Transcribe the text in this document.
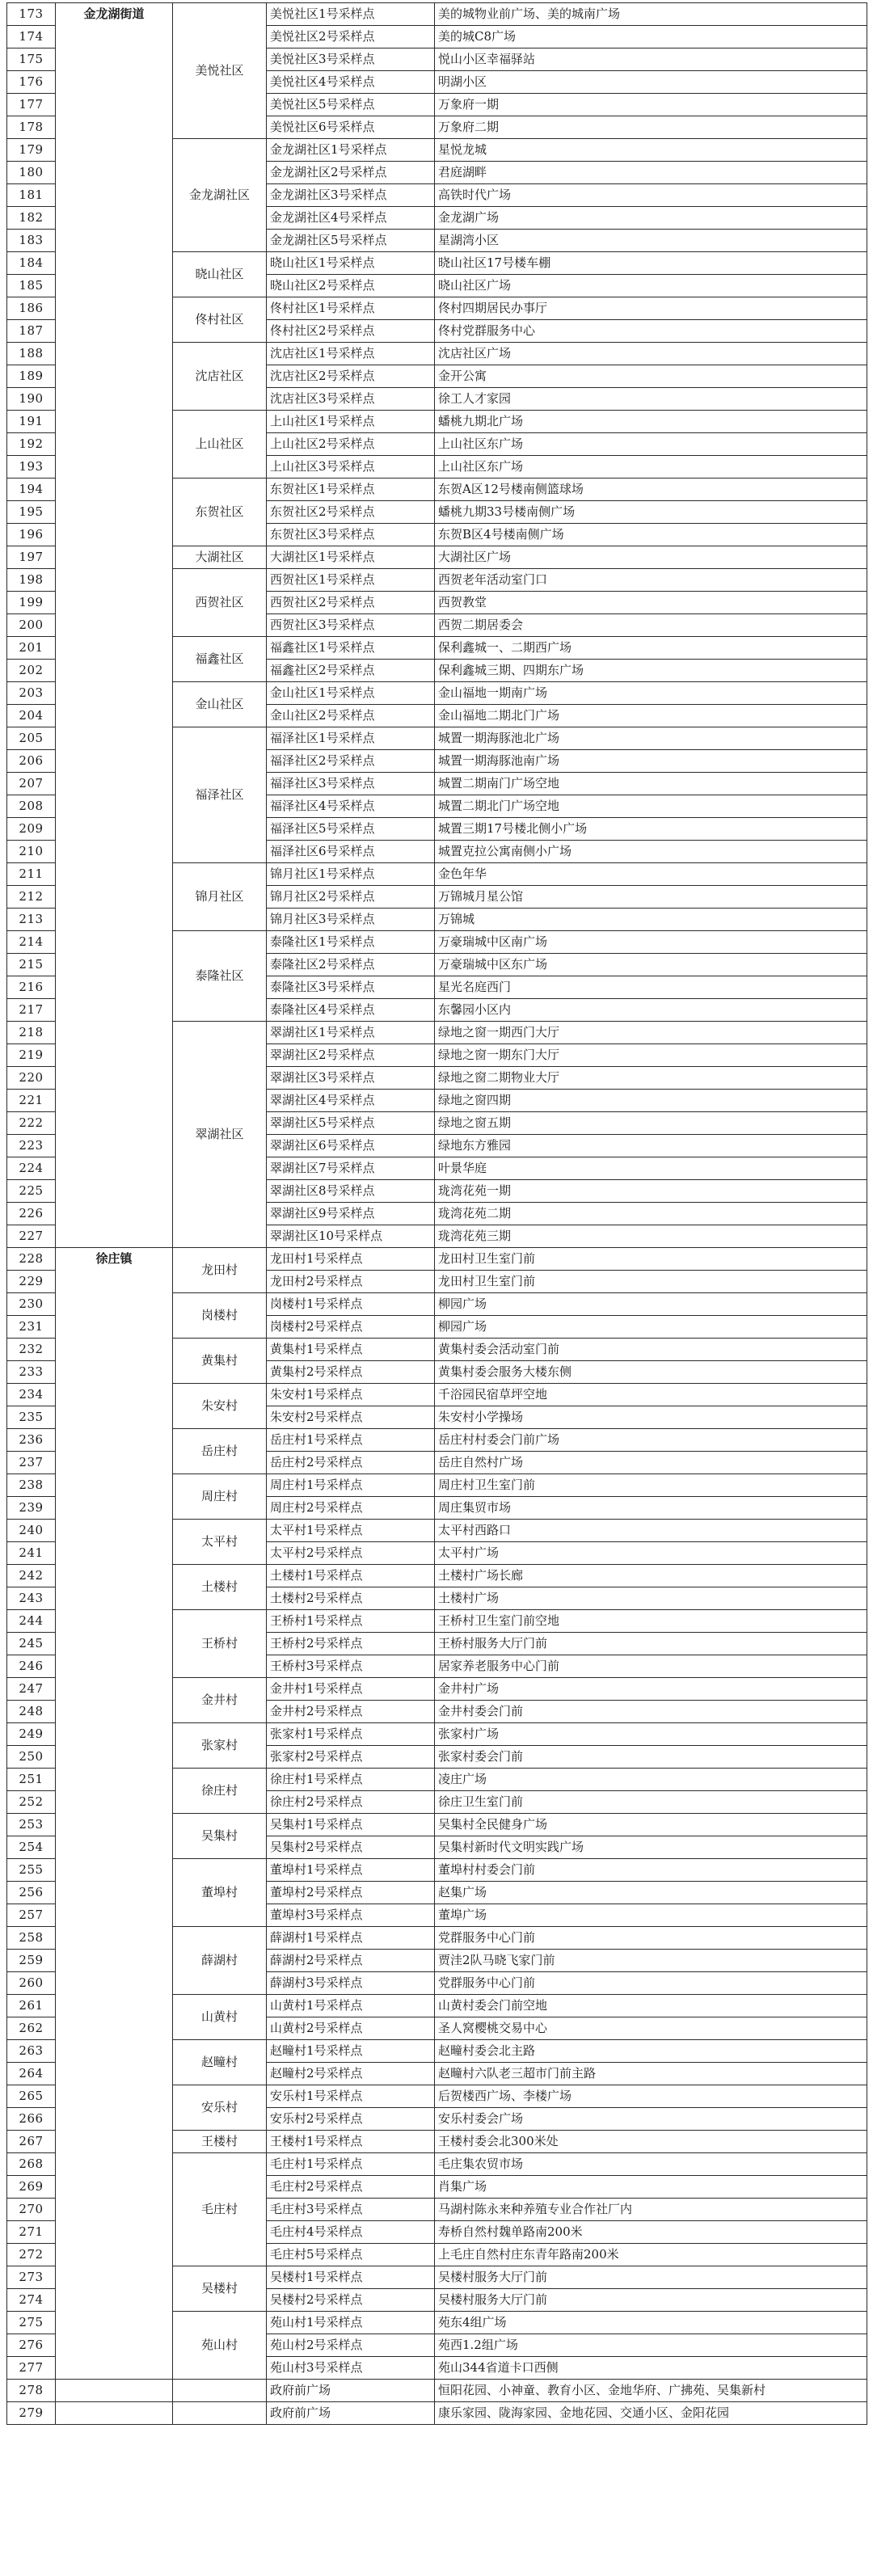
173	金龙湖街道	美悦社区	美悦社区1号采样点	美的城物业前广场、美的城南广场
174			美悦社区2号采样点	美的城C8广场
175			美悦社区3号采样点	悦山小区幸福驿站
176			美悦社区4号采样点	明湖小区
177			美悦社区5号采样点	万象府一期
178			美悦社区6号采样点	万象府二期
179		金龙湖社区	金龙湖社区1号采样点	星悦龙城
180			金龙湖社区2号采样点	君庭湖畔
181			金龙湖社区3号采样点	高铁时代广场
182			金龙湖社区4号采样点	金龙湖广场
183			金龙湖社区5号采样点	星湖湾小区
184		晓山社区	晓山社区1号采样点	晓山社区17号楼车棚
185			晓山社区2号采样点	晓山社区广场
186		佟村社区	佟村社区1号采样点	佟村四期居民办事厅
187			佟村社区2号采样点	佟村党群服务中心
188		沈店社区	沈店社区1号采样点	沈店社区广场
189			沈店社区2号采样点	金开公寓
190			沈店社区3号采样点	徐工人才家园
191		上山社区	上山社区1号采样点	蟠桃九期北广场
192			上山社区2号采样点	上山社区东广场
193			上山社区3号采样点	上山社区东广场
194		东贺社区	东贺社区1号采样点	东贺A区12号楼南侧篮球场
195			东贺社区2号采样点	蟠桃九期33号楼南侧广场
196			东贺社区3号采样点	东贺B区4号楼南侧广场
197		大湖社区	大湖社区1号采样点	大湖社区广场
198		西贺社区	西贺社区1号采样点	西贺老年活动室门口
199			西贺社区2号采样点	西贺教堂
200			西贺社区3号采样点	西贺二期居委会
201		福鑫社区	福鑫社区1号采样点	保利鑫城一、二期西广场
202			福鑫社区2号采样点	保利鑫城三期、四期东广场
203		金山社区	金山社区1号采样点	金山福地一期南广场
204			金山社区2号采样点	金山福地二期北门广场
205		福泽社区	福泽社区1号采样点	城置一期海豚池北广场
206			福泽社区2号采样点	城置一期海豚池南广场
207			福泽社区3号采样点	城置二期南门广场空地
208			福泽社区4号采样点	城置二期北门广场空地
209			福泽社区5号采样点	城置三期17号楼北侧小广场
210			福泽社区6号采样点	城置克拉公寓南侧小广场
211		锦月社区	锦月社区1号采样点	金色年华
212			锦月社区2号采样点	万锦城月星公馆
213			锦月社区3号采样点	万锦城
214		泰隆社区	泰隆社区1号采样点	万豪瑞城中区南广场
215			泰隆社区2号采样点	万豪瑞城中区东广场
216			泰隆社区3号采样点	星光名庭西门
217			泰隆社区4号采样点	东馨园小区内
218		翠湖社区	翠湖社区1号采样点	绿地之窗一期西门大厅
219			翠湖社区2号采样点	绿地之窗一期东门大厅
220			翠湖社区3号采样点	绿地之窗二期物业大厅
221			翠湖社区4号采样点	绿地之窗四期
222			翠湖社区5号采样点	绿地之窗五期
223			翠湖社区6号采样点	绿地东方雅园
224			翠湖社区7号采样点	叶景华庭
225			翠湖社区8号采样点	珑湾花苑一期
226			翠湖社区9号采样点	珑湾花苑二期
227			翠湖社区10号采样点	珑湾花苑三期
228	徐庄镇	龙田村	龙田村1号采样点	龙田村卫生室门前
229			龙田村2号采样点	龙田村卫生室门前
230		岗楼村	岗楼村1号采样点	柳园广场
231			岗楼村2号采样点	柳园广场
232		黄集村	黄集村1号采样点	黄集村委会活动室门前
233			黄集村2号采样点	黄集村委会服务大楼东侧
234		朱安村	朱安村1号采样点	千浴园民宿草坪空地
235			朱安村2号采样点	朱安村小学操场
236		岳庄村	岳庄村1号采样点	岳庄村村委会门前广场
237			岳庄村2号采样点	岳庄自然村广场
238		周庄村	周庄村1号采样点	周庄村卫生室门前
239			周庄村2号采样点	周庄集贸市场
240		太平村	太平村1号采样点	太平村西路口
241			太平村2号采样点	太平村广场
242		土楼村	土楼村1号采样点	土楼村广场长廊
243			土楼村2号采样点	土楼村广场
244		王桥村	王桥村1号采样点	王桥村卫生室门前空地
245			王桥村2号采样点	王桥村服务大厅门前
246			王桥村3号采样点	居家养老服务中心门前
247		金井村	金井村1号采样点	金井村广场
248			金井村2号采样点	金井村委会门前
249		张家村	张家村1号采样点	张家村广场
250			张家村2号采样点	张家村委会门前
251		徐庄村	徐庄村1号采样点	凌庄广场
252			徐庄村2号采样点	徐庄卫生室门前
253		吴集村	吴集村1号采样点	吴集村全民健身广场
254			吴集村2号采样点	吴集村新时代文明实践广场
255		董埠村	董埠村1号采样点	董埠村村委会门前
256			董埠村2号采样点	赵集广场
257			董埠村3号采样点	董埠广场
258		薛湖村	薛湖村1号采样点	党群服务中心门前
259			薛湖村2号采样点	贾洼2队马晓飞家门前
260			薛湖村3号采样点	党群服务中心门前
261		山黄村	山黄村1号采样点	山黄村委会门前空地
262			山黄村2号采样点	圣人窝樱桃交易中心
263		赵疃村	赵疃村1号采样点	赵疃村委会北主路
264			赵疃村2号采样点	赵疃村六队老三超市门前主路
265		安乐村	安乐村1号采样点	后贺楼西广场、李楼广场
266			安乐村2号采样点	安乐村委会广场
267		王楼村	王楼村1号采样点	王楼村委会北300米处
268		毛庄村	毛庄村1号采样点	毛庄集农贸市场
269			毛庄村2号采样点	肖集广场
270			毛庄村3号采样点	马湖村陈永来种养殖专业合作社厂内
271			毛庄村4号采样点	寿桥自然村魏单路南200米
272			毛庄村5号采样点	上毛庄自然村庄东青年路南200米
273		吴楼村	吴楼村1号采样点	吴楼村服务大厅门前
274			吴楼村2号采样点	吴楼村服务大厅门前
275		苑山村	苑山村1号采样点	苑东4组广场
276			苑山村2号采样点	苑西1.2组广场
277			苑山村3号采样点	苑山344省道卡口西侧
278			政府前广场	恒阳花园、小神童、教育小区、金地华府、广拂苑、吴集新村
279			政府前广场	康乐家园、陇海家园、金地花园、交通小区、金阳花园
